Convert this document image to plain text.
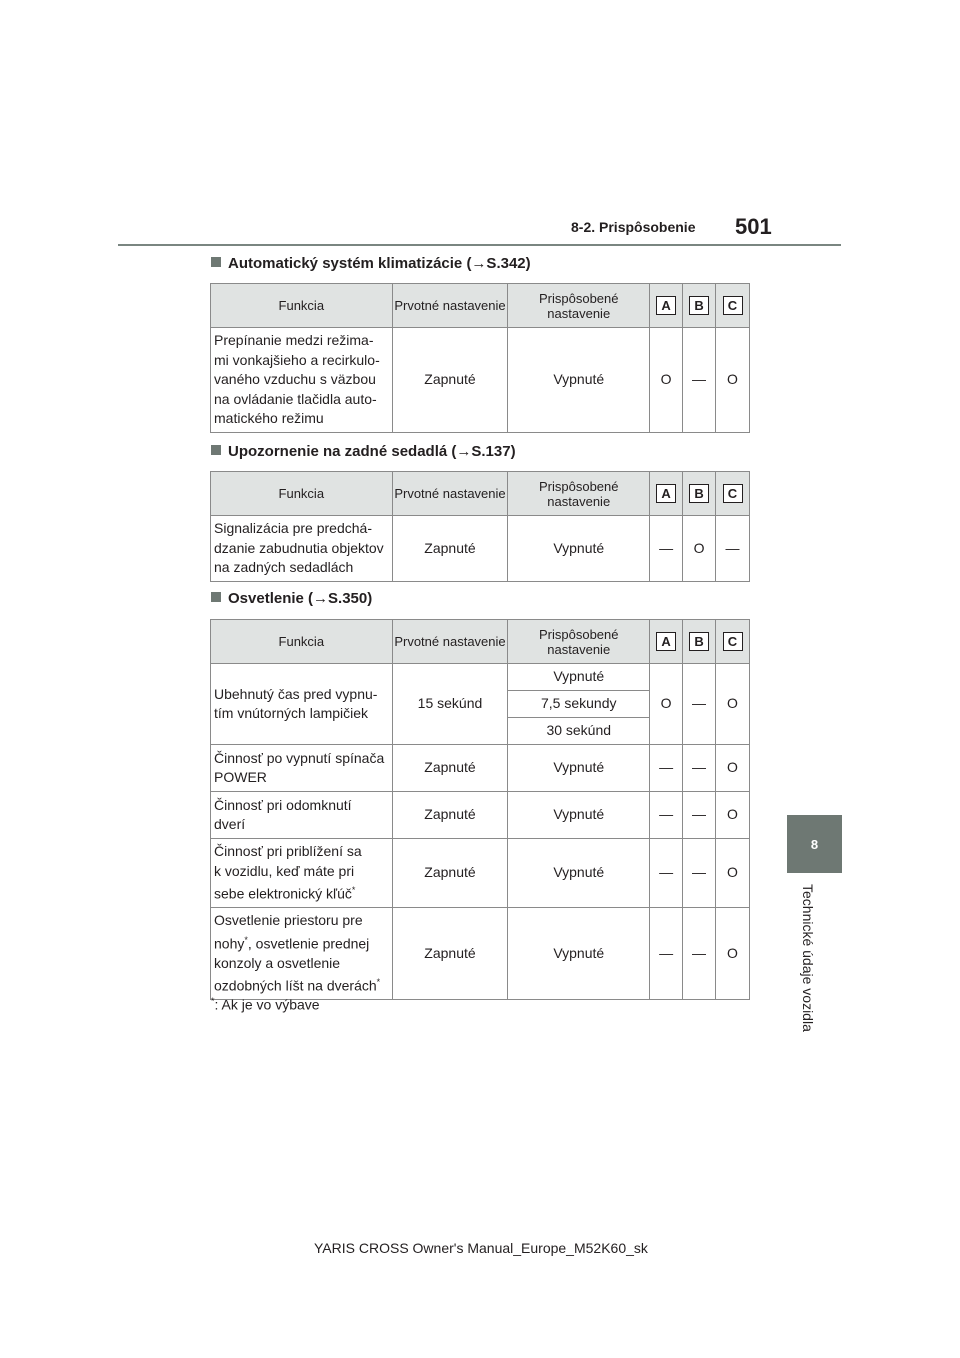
8-2. Prispôsobenie 501
8
Technické údaje vozidla
Automatický systém klimatizácie (→S.342)
Funkcia	Prvotné nastavenie	Prispôsobené nastavenie	A	B	C
Prepínanie medzi režima-
mi vonkajšieho a recirkulo-
vaného vzduchu s väzbou
na ovládanie tlačidla auto-
matického režimu	Zapnuté	Vypnuté	O	—	O
Upozornenie na zadné sedadlá (→S.137)
Funkcia	Prvotné nastavenie	Prispôsobené nastavenie	A	B	C
Signalizácia pre predchá-
dzanie zabudnutia objektov
na zadných sedadlách	Zapnuté	Vypnuté	—	O	—
Osvetlenie (→S.350)
Funkcia	Prvotné nastavenie	Prispôsobené nastavenie	A	B	C
Ubehnutý čas pred vypnu-
tím vnútorných lampičiek	15 sekúnd	Vypnuté	O	—	O
		7,5 sekundy			
		30 sekúnd			
Činnosť po vypnutí spínača
POWER	Zapnuté	Vypnuté	—	—	O
Činnosť pri odomknutí
dverí	Zapnuté	Vypnuté	—	—	O
Činnosť pri priblížení sa
k vozidlu, keď máte pri
sebe elektronický kľúč*	Zapnuté	Vypnuté	—	—	O
Osvetlenie priestoru pre
nohy*, osvetlenie prednej
konzoly a osvetlenie
ozdobných líšt na dverách*	Zapnuté	Vypnuté	—	—	O
*: Ak je vo výbave
YARIS CROSS Owner's Manual_Europe_M52K60_sk
